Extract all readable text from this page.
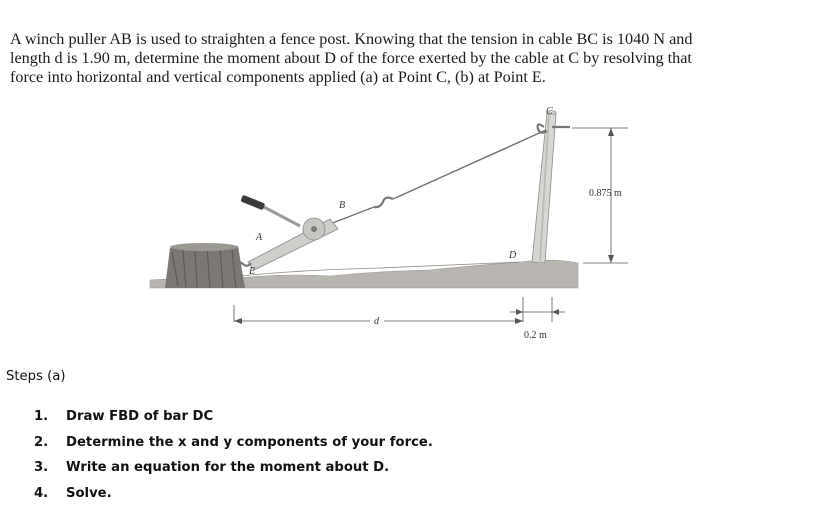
A winch puller AB is used to straighten a fence post. Knowing that the tension in cable BC is 1040 N and
length d is 1.90 m, determine the moment about D of the force exerted by the cable at C by resolving that
force into horizontal and vertical components applied (a) at Point C, (b) at Point E.
C
B
A
D
E
d
0.875 m
0.2 m
Steps (a)
1.	Draw FBD of bar DC
2.	Determine the x and y components of your force.
3.	Write an equation for the moment about D.
4.	Solve.
